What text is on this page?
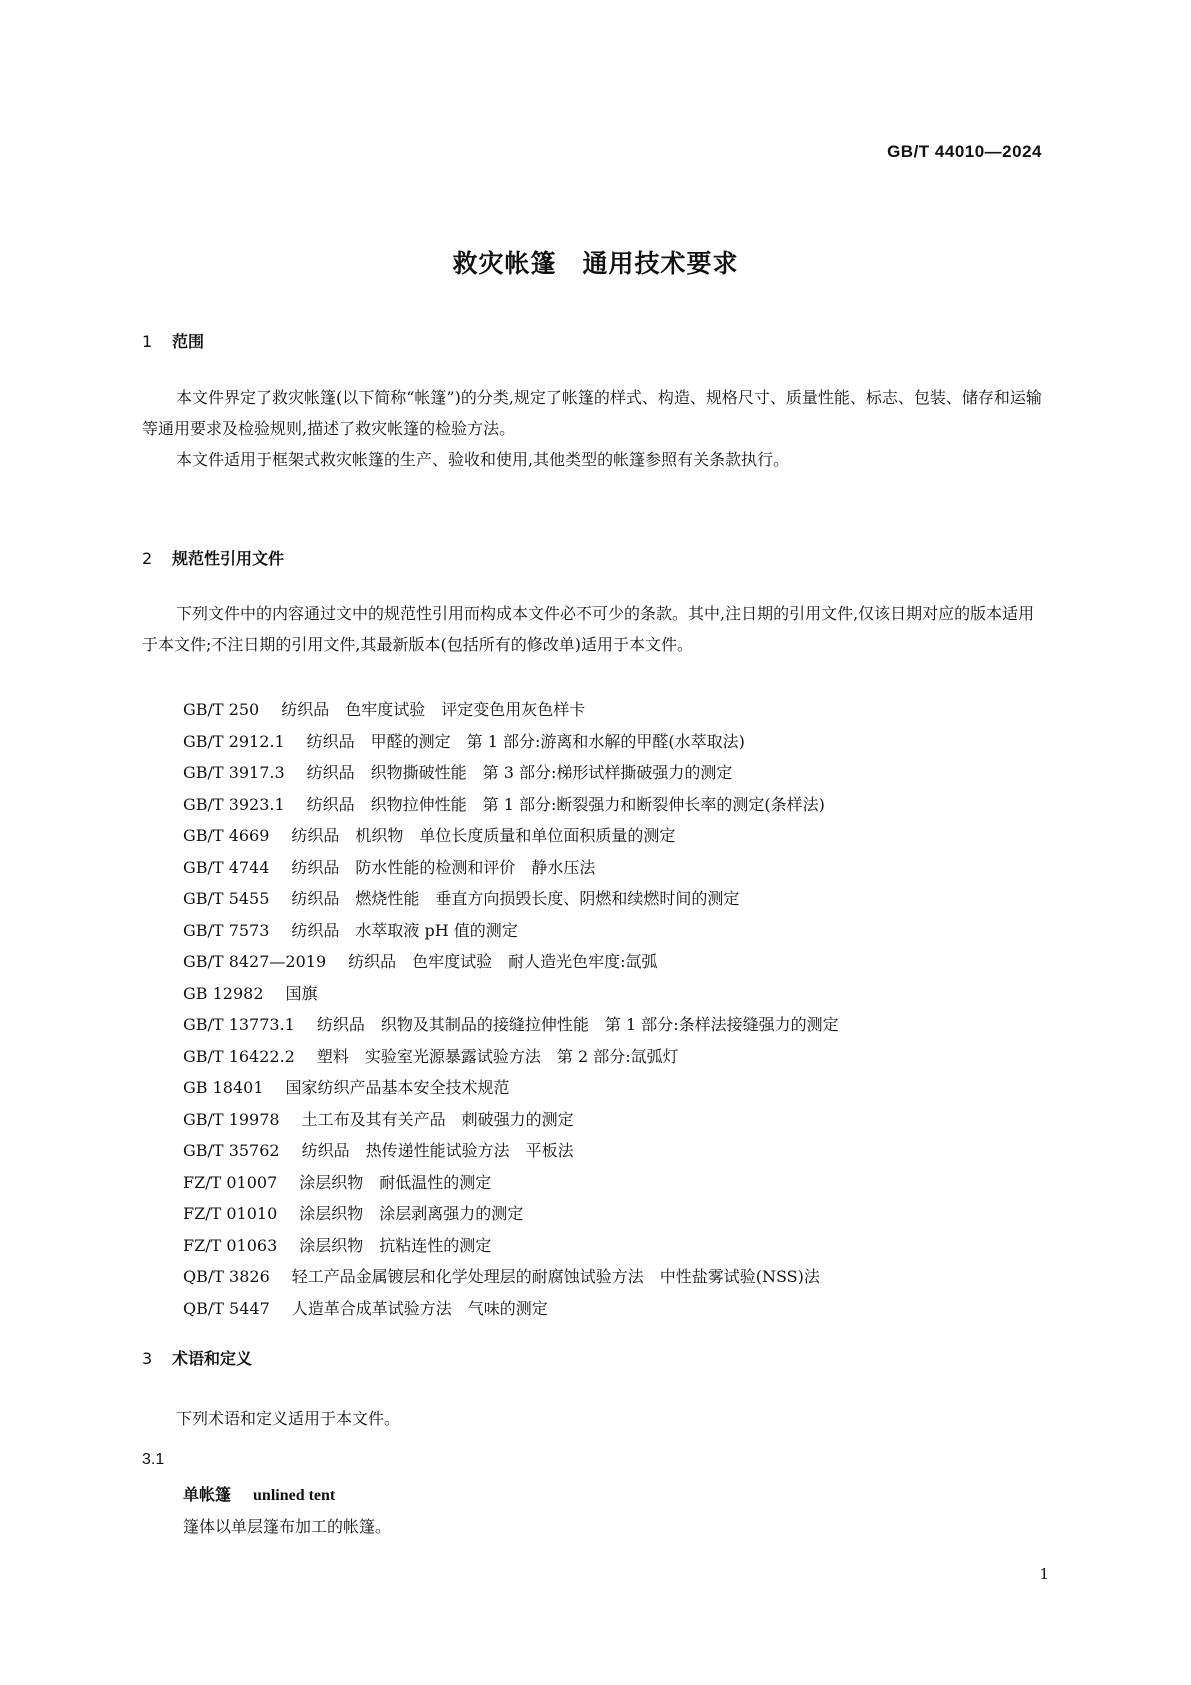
GB/T 44010—2024
救灾帐篷　通用技术要求
1 范围

本文件界定了救灾帐篷(以下简称“帐篷”)的分类,规定了帐篷的样式、构造、规格尺寸、质量性能、标志、包装、储存和运输等通用要求及检验规则,描述了救灾帐篷的检验方法。

本文件适用于框架式救灾帐篷的生产、验收和使用,其他类型的帐篷参照有关条款执行。

2 规范性引用文件

下列文件中的内容通过文中的规范性引用而构成本文件必不可少的条款。其中,注日期的引用文件,仅该日期对应的版本适用于本文件;不注日期的引用文件,其最新版本(包括所有的修改单)适用于本文件。

GB/T 250 纺织品　色牢度试验　评定变色用灰色样卡
GB/T 2912.1 纺织品　甲醛的测定　第 1 部分:游离和水解的甲醛(水萃取法)
GB/T 3917.3 纺织品　织物撕破性能　第 3 部分:梯形试样撕破强力的测定
GB/T 3923.1 纺织品　织物拉伸性能　第 1 部分:断裂强力和断裂伸长率的测定(条样法)
GB/T 4669 纺织品　机织物　单位长度质量和单位面积质量的测定
GB/T 4744 纺织品　防水性能的检测和评价　静水压法
GB/T 5455 纺织品　燃烧性能　垂直方向损毁长度、阴燃和续燃时间的测定
GB/T 7573 纺织品　水萃取液 pH 值的测定
GB/T 8427—2019 纺织品　色牢度试验　耐人造光色牢度:氙弧
GB 12982 国旗
GB/T 13773.1 纺织品　织物及其制品的接缝拉伸性能　第 1 部分:条样法接缝强力的测定
GB/T 16422.2 塑料　实验室光源暴露试验方法　第 2 部分:氙弧灯
GB 18401 国家纺织产品基本安全技术规范
GB/T 19978 土工布及其有关产品　刺破强力的测定
GB/T 35762 纺织品　热传递性能试验方法　平板法
FZ/T 01007 涂层织物　耐低温性的测定
FZ/T 01010 涂层织物　涂层剥离强力的测定
FZ/T 01063 涂层织物　抗粘连性的测定
QB/T 3826 轻工产品金属镀层和化学处理层的耐腐蚀试验方法　中性盐雾试验(NSS)法
QB/T 5447 人造革合成革试验方法　气味的测定
3 术语和定义

下列术语和定义适用于本文件。

3.1
单帐篷 unlined tent
篷体以单层篷布加工的帐篷。
1
